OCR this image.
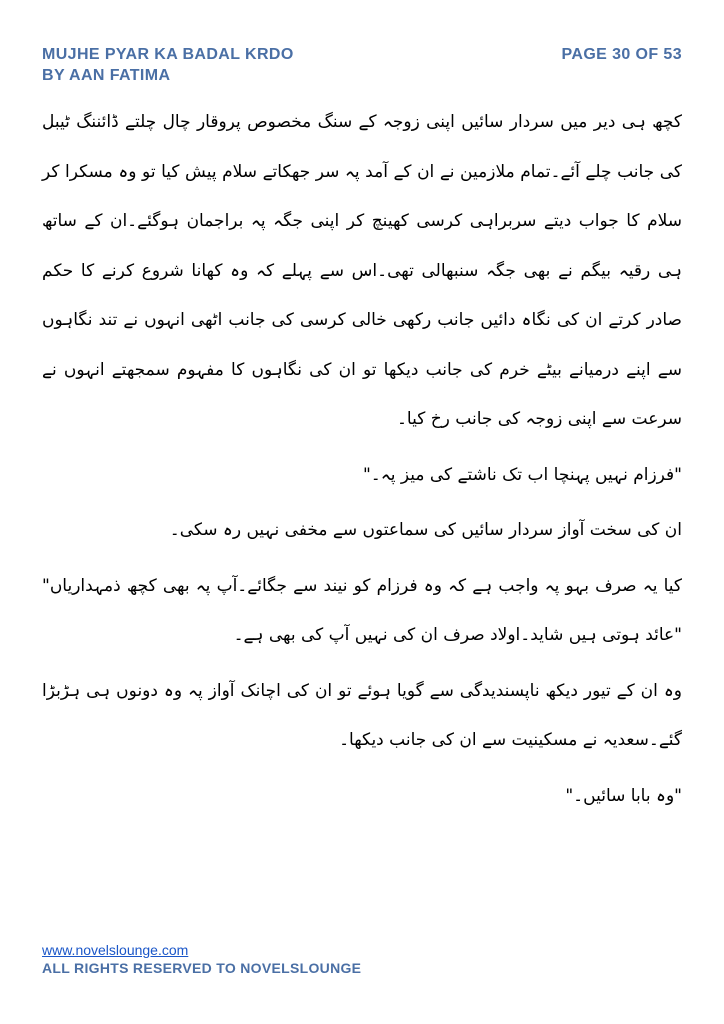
MUJHE PYAR KA BADAL KRDO
BY AAN FATIMA
PAGE 30 OF 53

کچھ ہی دیر میں سردار سائیں اپنی زوجہ کے سنگ مخصوص پروقار چال چلتے ڈائننگ ٹیبل کی جانب چلے آئے۔تمام ملازمین نے ان کے آمد پہ سر جھکاتے سلام پیش کیا تو وہ مسکرا کر سلام کا جواب دیتے سربراہی کرسی کھینچ کر اپنی جگہ پہ براجمان ہوگئے۔ان کے ساتھ ہی رقیہ بیگم نے بھی جگہ سنبھالی تھی۔اس سے پہلے کہ وہ کھانا شروع کرنے کا حکم صادر کرتے ان کی نگاہ دائیں جانب رکھی خالی کرسی کی جانب اٹھی انہوں نے تند نگاہوں سے اپنے درمیانے بیٹے خرم کی جانب دیکھا تو ان کی نگاہوں کا مفہوم سمجھتے انہوں نے سرعت سے اپنی زوجہ کی جانب رخ کیا۔

"فرزام نہیں پہنچا اب تک ناشتے کی میز پہ۔"

ان کی سخت آواز سردار سائیں کی سماعتوں سے مخفی نہیں رہ سکی۔

کیا یہ صرف بہو پہ واجب ہے کہ وہ فرزام کو نیند سے جگائے۔آپ پہ بھی کچھ ذمہداریاں" "عائد ہوتی ہیں شاید۔اولاد صرف ان کی نہیں آپ کی بھی ہے۔

وہ ان کے تیور دیکھ ناپسندیدگی سے گویا ہوئے تو ان کی اچانک آواز پہ وہ دونوں ہی ہڑبڑا گئے۔سعدیہ نے مسکینیت سے ان کی جانب دیکھا۔

"وہ بابا سائیں۔"

www.novelslounge.com
ALL RIGHTS RESERVED TO NOVELSLOUNGE
